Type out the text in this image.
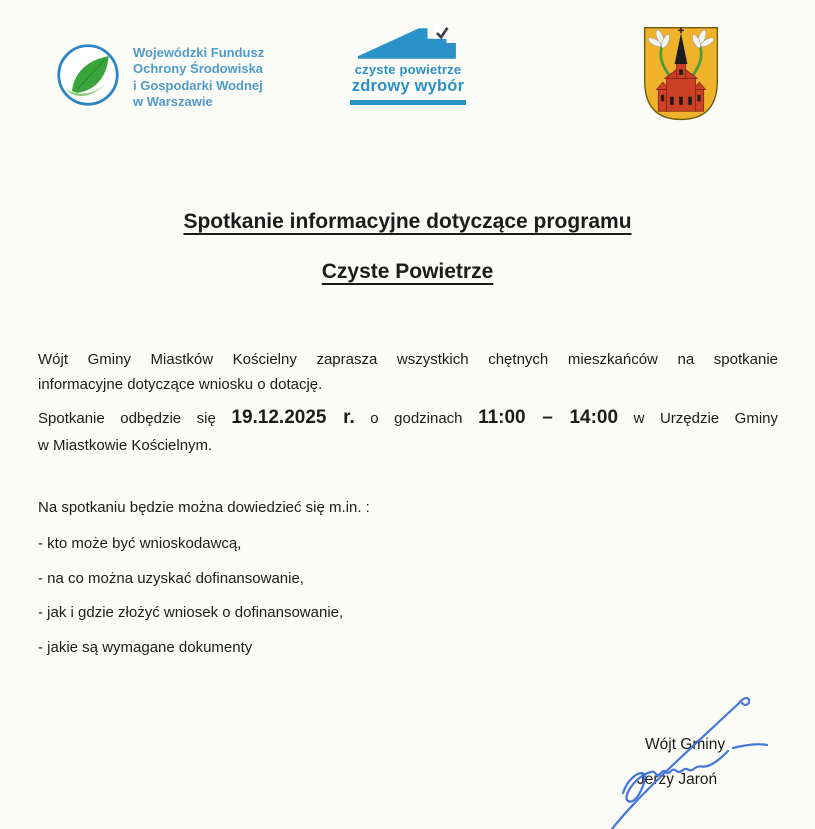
Wojewódzki Fundusz
Ochrony Środowiska
i Gospodarki Wodnej
w Warszawie
czyste powietrze
zdrowy wybór
Spotkanie informacyjne dotyczące programu
Czyste Powietrze
Wójt Gminy Miastków Kościelny zaprasza wszystkich chętnych mieszkańców na spotkanie
informacyjne dotyczące wniosku o dotację.
Spotkanie odbędzie się 19.12.2025 r. o godzinach 11:00 – 14:00 w Urzędzie Gminy
w Miastkowie Kościelnym.
Na spotkaniu będzie można dowiedzieć się m.in. :
- kto może być wnioskodawcą,
- na co można uzyskać dofinansowanie,
- jak i gdzie złożyć wniosek o dofinansowanie,
- jakie są wymagane dokumenty
Wójt Gminy
Jerzy Jaroń
